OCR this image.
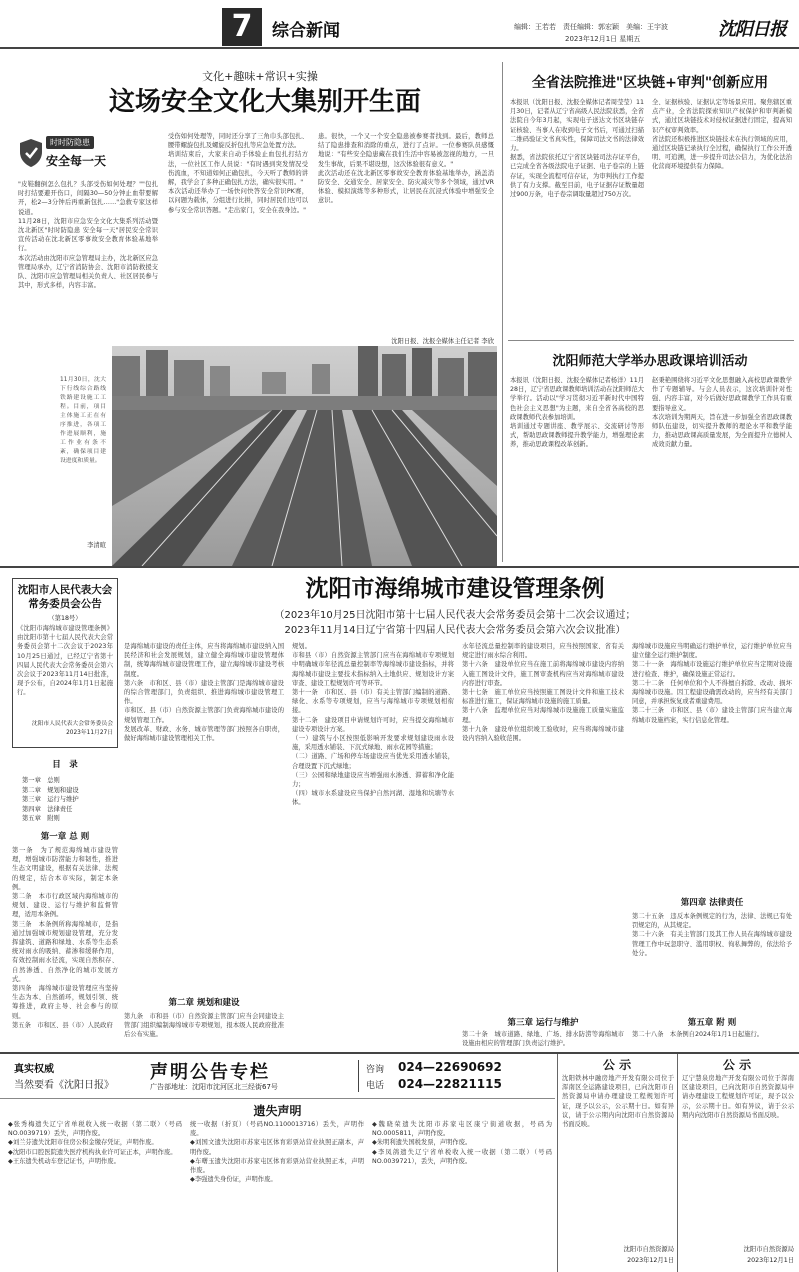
7	综合新闻	编辑：王若若　责任编辑：郭宏颖　美编：王宇波
2023年12月1日 星期五	沈阳日报
文化+趣味+常识+实操
这场安全文化大集别开生面
时时防隐患
安全每一天
"皮鞋翻倒怎么包扎？头部受伤如何处理？""包扎时打结要避开伤口，间隔30—50分钟止血带要解开，松2—3分钟后再重新包扎……"急救专家这样说道。
11月28日，沈阳市应急安全文化大集系列活动暨沈北新区"时时防隐患 安全每一天"居民安全常识宣传活动在沈北新区零事故安全教育体验基地举行。
本次活动由沈阳市应急管理局主办，沈北新区应急管理局承办，辽宁省消防协会、沈阳市消防救援支队、沈阳市应急管理局相关负责人、社区居民参与其中，形式多样，内容丰富。
受伤如何处理等，同时还分享了三角巾头部包扎、腰带螺旋包扎及螺旋反折包扎等应急处置方法。
培训结束后，大家来自动手体验止血包扎打结方法，一位社区工作人员说："有时遇到突发情况受伤流血，不知道如何正确包扎，今天听了教师的讲解，我学会了多种正确包扎方法，确实很实用。"
本次活动还举办了一场快问快答安全常识PK赛，以问题为载体，分组进行比拼，同时居民们也可以参与安全常识答题。"走出家门，安全在我身边。"
患。很快，一个又一个安全隐患被参赛者找到。最后，教师总结了隐患排查和消除的重点，进行了点评。一位参赛队员感慨地说："有些安全隐患藏在我们生活中容易被忽视的地方，一旦发生事故，后果不堪设想，这次体验很有意义。"
此次活动还在沈北新区零事故安全教育体验基地举办，涵盖消防安全、交通安全、居家安全、防灾减灾等多个领域，通过VR体验、模拟演练等多种形式，让居民在沉浸式体验中增强安全意识。
沈阳日报、沈报全媒体主任记者 李欣
11月30日，沈大下行线综合路线铁路建设施工工程。目前，项目主体施工正在有序推进，各项工作进展顺利，施工作业有条不紊，确保项目建设进度和质量。
李清暄
全省法院推进"区块链+审判"创新应用
本报讯（沈阳日报、沈报全媒体记者周莹莹）11月30日，记者从辽宁省高级人民法院获悉，全省法院自今年3月起，实现电子送达文书区块链存证核验、当事人在收到电子文书后，可通过扫描二维码验证文书真实性，保障司法文书的法律效力。
据悉，省法院依托辽宁省区块链司法存证平台，已完成全省各级法院电子证据、电子卷宗的上链存证，实现全流程可信存证，为审判执行工作提供了有力支撑。截至目前，电子证据存证数量超过900万条，电子卷宗调取量超过750万次。
全、证据核验、证据认定等场景应用。聚焦辖区重点产业，全省法院探索知识产权保护和审判新模式，通过区块链技术对侵权证据进行固定，提高知识产权审判效率。
省法院还积极推进区块链技术在执行领域的应用，通过区块链记录执行全过程，确保执行工作公开透明、可追溯，进一步提升司法公信力，为优化法治化营商环境提供有力保障。
沈阳师范大学举办思政课培训活动
本报讯（沈阳日报、沈报全媒体记者杨洋）11月28日，辽宁省思政课教师培训活动在沈阳师范大学举行。活动以"学习贯彻习近平新时代中国特色社会主义思想"为主题，来自全省各高校的思政课教师代表参加培训。
培训通过专题讲座、教学展示、交流研讨等形式，帮助思政课教师提升教学能力，增强理论素养，推动思政课程改革创新。
赵秉艳围绕将习近平文化思想融入高校思政课教学作了专题辅导。与会人员表示，这次培训针对性强、内容丰富，对今后做好思政课教学工作具有重要指导意义。
本次培训为期两天，旨在进一步加强全省思政课教师队伍建设，切实提升教师的理论水平和教学能力，推动思政课高质量发展，为全面提升立德树人成效贡献力量。
沈阳市人民代表大会常务委员会公告
（第18号）
《沈阳市海绵城市建设管理条例》由沈阳市第十七届人民代表大会常务委员会第十二次会议于2023年10月25日通过，已经辽宁省第十四届人民代表大会常务委员会第六次会议于2023年11月14日批准，现予公布，自2024年1月1日起施行。
沈阳市人民代表大会常务委员会
2023年11月27日
目　录
第一章　总则
第二章　规划和建设
第三章　运行与维护
第四章　法律责任
第五章　附则
第一章 总 则
第一条　为了规范海绵城市建设管理，增强城市防涝能力和韧性，推进生态文明建设，根据有关法律、法规的规定，结合本市实际，制定本条例。
第二条　本市行政区域内海绵城市的规划、建设、运行与维护和监督管理，适用本条例。
第三条　本条例所称海绵城市，是指通过加强城市规划建设管理，充分发挥建筑、道路和绿地、水系等生态系统对雨水的吸纳、蓄渗和缓释作用，有效控制雨水径流，实现自然积存、自然渗透、自然净化的城市发展方式。
第四条　海绵城市建设管理应当坚持生态为本、自然循环，规划引领、统筹推进，政府主导、社会参与的原则。
第五条　市和区、县（市）人民政府
沈阳市海绵城市建设管理条例
（2023年10月25日沈阳市第十七届人民代表大会常务委员会第十二次会议通过；
2023年11月14日辽宁省第十四届人民代表大会常务委员会第六次会议批准）
是海绵城市建设的责任主体，应当将海绵城市建设纳入国民经济和社会发展规划，建立健全海绵城市建设管理体制，统筹海绵城市建设管理工作，建立海绵城市建设考核制度。
第六条　市和区、县（市）建设主管部门是海绵城市建设的综合管理部门，负责组织、推进海绵城市建设管理工作。
市和区、县（市）自然资源主管部门负责海绵城市建设的规划管理工作。
发展改革、财政、水务、城市管理等部门按照各自职责，做好海绵城市建设管理相关工作。
第二章 规划和建设
第九条　市和县（市）自然资源主管部门应当会同建设主管部门组织编制海绵城市专项规划，报本级人民政府批准后公布实施。
规划。
市和县（市）自然资源主管部门应当在海绵城市专项规划中明确城市年径流总量控制率等海绵城市建设指标，并将海绵城市建设主要技术指标纳入土地供应、规划设计方案审查、建设工程规划许可等环节。
第十一条　市和区、县（市）有关主管部门编制的道路、绿化、水系等专项规划，应当与海绵城市专项规划相衔接。
第十二条　建设项目申请规划许可时，应当提交海绵城市建设专项设计方案。
（一）建筑与小区按照低影响开发要求规划建设雨水设施，采用透水铺装、下沉式绿地、雨水花园等措施；
（二）道路、广场和停车场建设应当优先采用透水铺装，合理设置下沉式绿地；
（三）公园和绿地建设应当增强雨水渗透、滞蓄和净化能力；
（四）城市水系建设应当保护自然河湖、湿地和坑塘等水体。
水年径流总量控制率的建设项目，应当按照国家、省有关规定进行雨水综合利用。
第十六条　建设单位应当在施工前将海绵城市建设内容纳入施工图设计文件，施工图审查机构应当对海绵城市建设内容进行审查。
第十七条　施工单位应当按照施工图设计文件和施工技术标准进行施工，保证海绵城市设施的施工质量。
第十八条　监理单位应当对海绵城市设施施工质量实施监理。
第十九条　建设单位组织竣工验收时，应当将海绵城市建设内容纳入验收范围。
第三章 运行与维护
第二十条　城市道路、绿地、广场、排水防涝等海绵城市设施由相应的管理部门负责运行维护。
海绵城市设施应当明确运行维护单位，运行维护单位应当建立健全运行维护制度。
第二十一条　海绵城市设施运行维护单位应当定期对设施进行检查、维护，确保设施正常运行。
第二十二条　任何单位和个人不得擅自拆除、改动、损坏海绵城市设施。因工程建设确需改动的，应当经有关部门同意，并承担恢复或者重建费用。
第二十三条　市和区、县（市）建设主管部门应当建立海绵城市设施档案，实行信息化管理。
第四章 法律责任
第二十五条　违反本条例规定的行为，法律、法规已有处罚规定的，从其规定。
第二十六条　有关主管部门及其工作人员在海绵城市建设管理工作中玩忽职守、滥用职权、徇私舞弊的，依法给予处分。
第五章 附 则
第二十八条　本条例自2024年1月1日起施行。
真实权威
当然要看《沈阳日报》
声明公告专栏
广告部地址：沈阳市沈河区北三经街67号
咨询
电话
024—22690692
024—22821115
遗失声明
◆张秀梅遗失辽宁省单税收入统一收据（第二联）（号码NO.0039719）丢失，声明作废。
◆刘兰芬遗失沈阳市住房公积金缴存凭证，声明作废。
◆沈阳市口腔医院遗失医疗机构执业许可证正本，声明作废。
◆王东遗失机动车登记证书，声明作废。
统一收据（折页）（号码NO.1100013716）丢失，声明作废。
◆刘国文遗失沈阳市苏家屯区体育彩票站营业执照正副本，声明作废。
◆车曙玉遗失沈阳市苏家屯区体育彩票站营业执照正本，声明作废。
◆李强遗失身份证，声明作废。
◆魏晓荣遗失沈阳市苏家屯区康宁街道收据，号码为NO.0005811，声明作废。
◆朱明利遗失国税发票，声明作废。
◆李凤鸽遗失辽宁省单税收入统一收据（第二联）（号码NO.0039721），丢失，声明作废。
公 示
沈阳铁林中融房地产开发有限公司位于浑南区全运路建设项目，已向沈阳市自然资源局申请办理建设工程规划许可证，现予以公示，公示期十日。如有异议，请于公示期内向沈阳市自然资源局书面反映。
沈阳市自然资源局
2023年12月1日
公 示
辽宁慧泉房地产开发有限公司位于浑南区建设项目，已向沈阳市自然资源局申请办理建设工程规划许可证，现予以公示，公示期十日。如有异议，请于公示期内向沈阳市自然资源局书面反映。
沈阳市自然资源局
2023年12月1日
